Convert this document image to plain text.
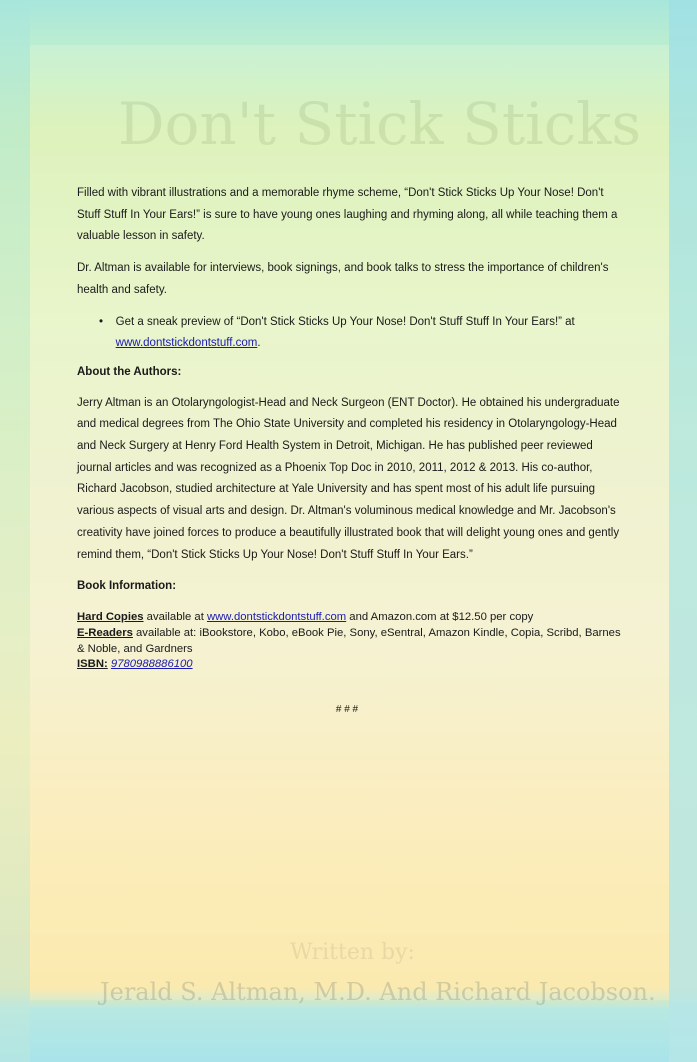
Don't Stick Sticks
Written by:
Jerald S. Altman, M.D. And Richard Jacobson.

Filled with vibrant illustrations and a memorable rhyme scheme, “Don't Stick Sticks Up Your Nose! Don't Stuff Stuff In Your Ears!” is sure to have young ones laughing and rhyming along, all while teaching them a valuable lesson in safety.

Dr. Altman is available for interviews, book signings, and book talks to stress the importance of children's health and safety.

•	Get a sneak preview of “Don't Stick Sticks Up Your Nose! Don't Stuff Stuff In Your Ears!” at www.dontstickdontstuff.com.
About the Authors:

Jerry Altman is an Otolaryngologist-Head and Neck Surgeon (ENT Doctor). He obtained his undergraduate and medical degrees from The Ohio State University and completed his residency in Otolaryngology-Head and Neck Surgery at Henry Ford Health System in Detroit, Michigan. He has published peer reviewed journal articles and was recognized as a Phoenix Top Doc in 2010, 2011, 2012 & 2013. His co-author, Richard Jacobson, studied architecture at Yale University and has spent most of his adult life pursuing various aspects of visual arts and design. Dr. Altman's voluminous medical knowledge and Mr. Jacobson's creativity have joined forces to produce a beautifully illustrated book that will delight young ones and gently remind them, “Don't Stick Sticks Up Your Nose! Don't Stuff Stuff In Your Ears.”

Book Information:
Hard Copies available at www.dontstickdontstuff.com and Amazon.com at $12.50 per copy
E-Readers available at: iBookstore, Kobo, eBook Pie, Sony, eSentral, Amazon Kindle, Copia, Scribd, Barnes & Noble, and Gardners
ISBN: 9780988886100
# # #
